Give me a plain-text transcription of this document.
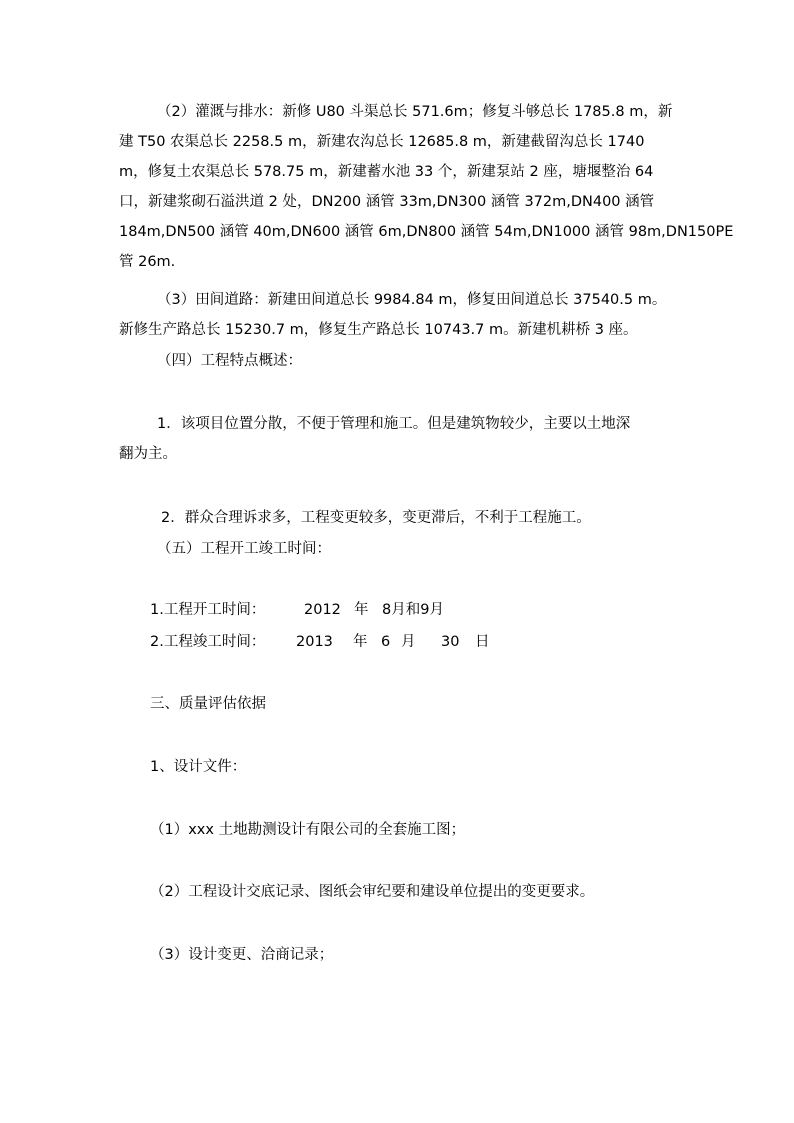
（2）灌溉与排水：新修 U80 斗渠总长 571.6m；修复斗够总长 1785.8 m，新
建 T50 农渠总长 2258.5 m，新建农沟总长 12685.8 m，新建截留沟总长 1740
m，修复土农渠总长 578.75 m，新建蓄水池 33 个，新建泵站 2 座，塘堰整治 64
口，新建浆砌石溢洪道 2 处，DN200 涵管 33m,DN300 涵管 372m,DN400 涵管
184m,DN500 涵管 40m,DN600 涵管 6m,DN800 涵管 54m,DN1000 涵管 98m,DN150PE
管 26m.
（3）田间道路：新建田间道总长 9984.84 m，修复田间道总长 37540.5 m。
新修生产路总长 15230.7 m，修复生产路总长 10743.7 m。新建机耕桥 3 座。
（四）工程特点概述：
1．该项目位置分散，不便于管理和施工。但是建筑物较少，主要以土地深
翻为主。
2．群众合理诉求多，工程变更较多，变更滞后，不利于工程施工。
（五）工程开工竣工时间：
1.工程开工时间：	2012 年 8月和9月
2.工程竣工时间：	2013	年 6 月	30	日
三、质量评估依据
1、设计文件：
（1）xxx 土地勘测设计有限公司的全套施工图；
（2）工程设计交底记录、图纸会审纪要和建设单位提出的变更要求。
（3）设计变更、洽商记录；
